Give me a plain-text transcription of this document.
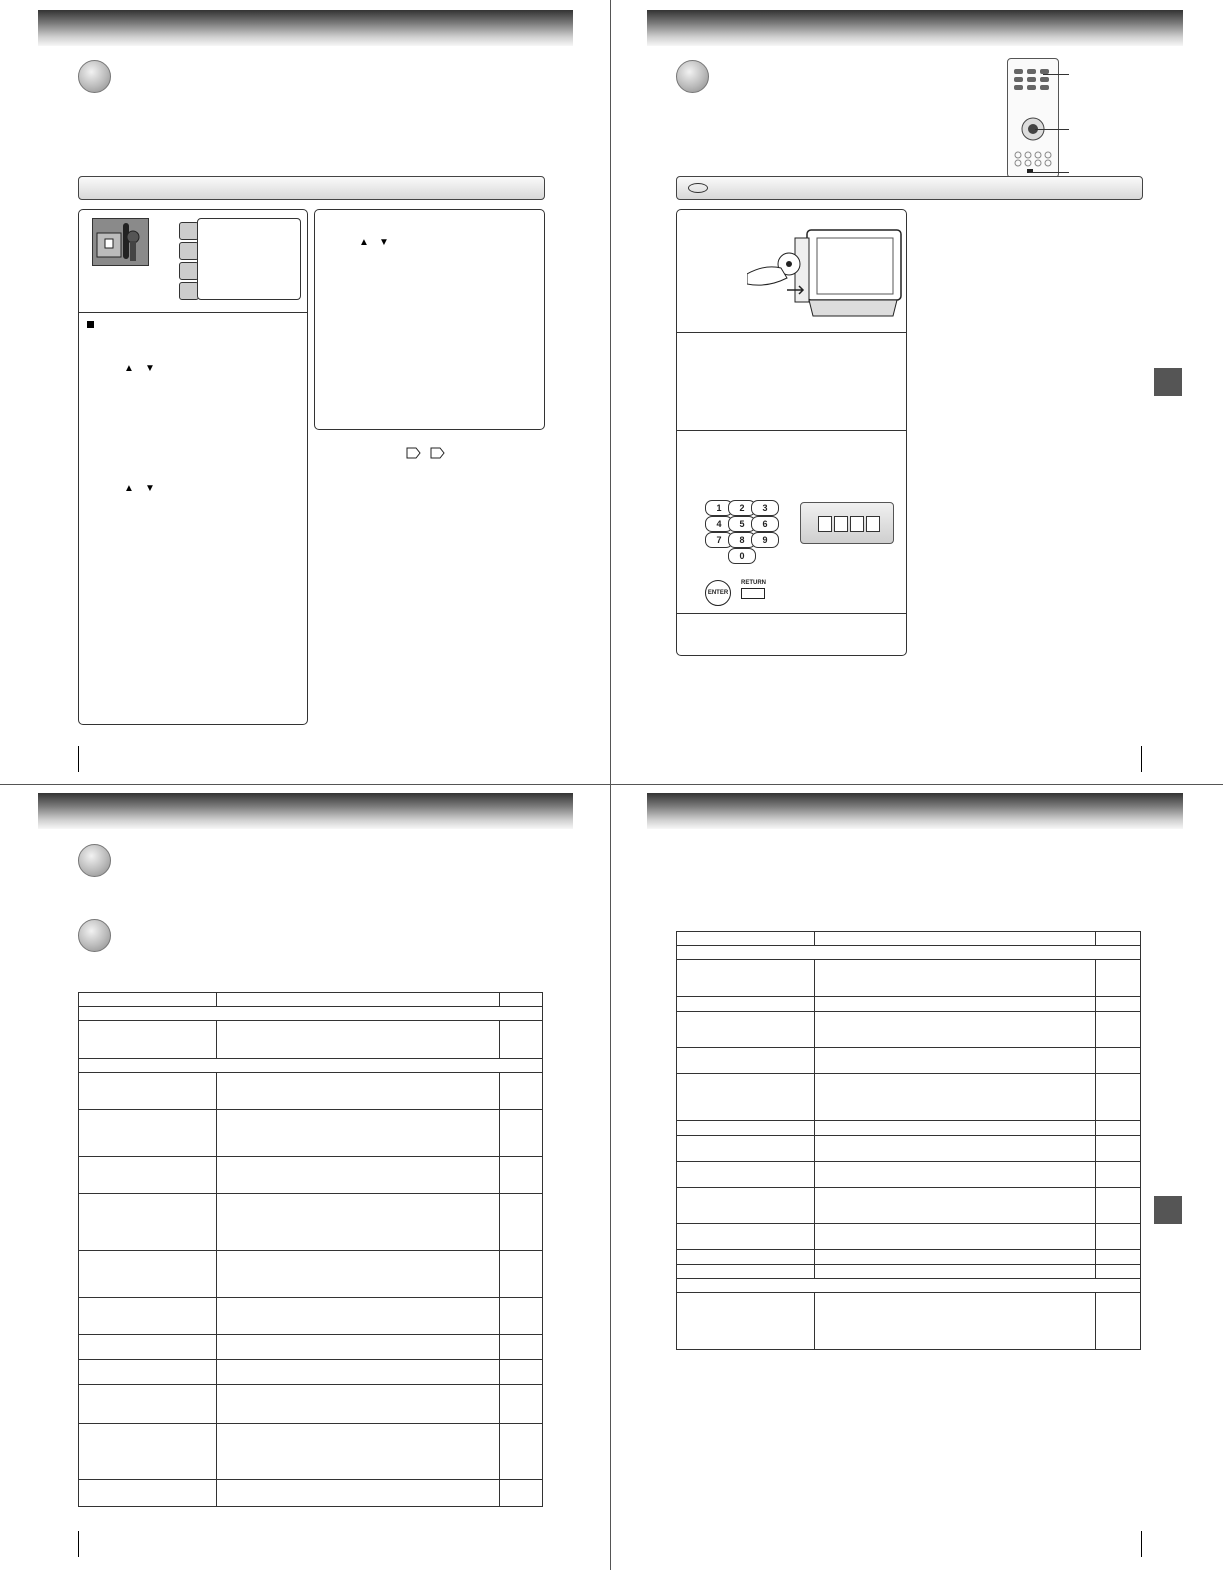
▲ ▼
▲ ▼
▲ ▼
1	2	3
4	5	6
7	8	9
0
ENTER
RETURN
